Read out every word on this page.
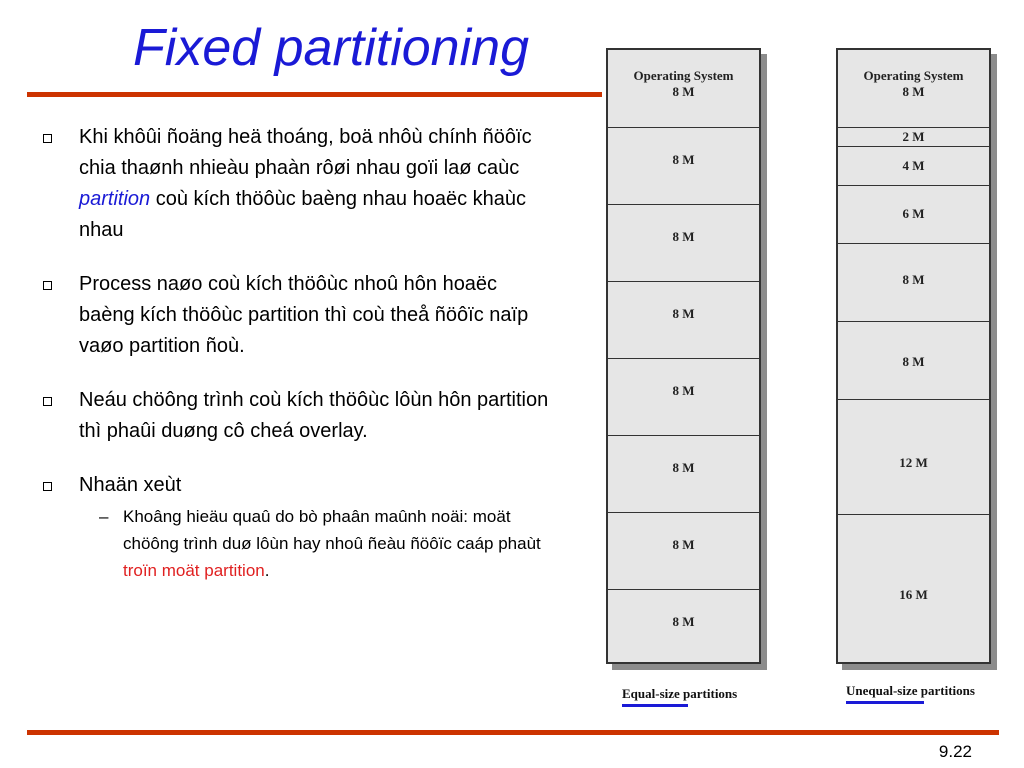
Fixed partitioning
Khi khôûi ñoäng heä thoáng, boä nhôù chính ñöôïc chia thaønh nhieàu phaàn rôøi nhau goïi laø caùc partition coù kích thöôùc baèng nhau hoaëc khaùc nhau
Process naøo coù kích thöôùc nhoû hôn hoaëc baèng kích thöôùc partition thì coù theå ñöôïc naïp vaøo partition ñoù.
Neáu chöông trình coù kích thöôùc lôùn hôn partition thì phaûi duøng cô cheá overlay.
Nhaän xeùt
– Khoâng hieäu quaû do bò phaân maûnh noäi: moät chöông trình duø lôùn hay nhoû ñeàu ñöôïc caáp phaùt troïn moät partition.
Operating System
8 M
8 M
8 M
8 M
8 M
8 M
8 M
8 M
Equal-size partitions
Operating System
8 M
2 M
4 M
6 M
8 M
8 M
12 M
16 M
Unequal-size partitions
9.22
